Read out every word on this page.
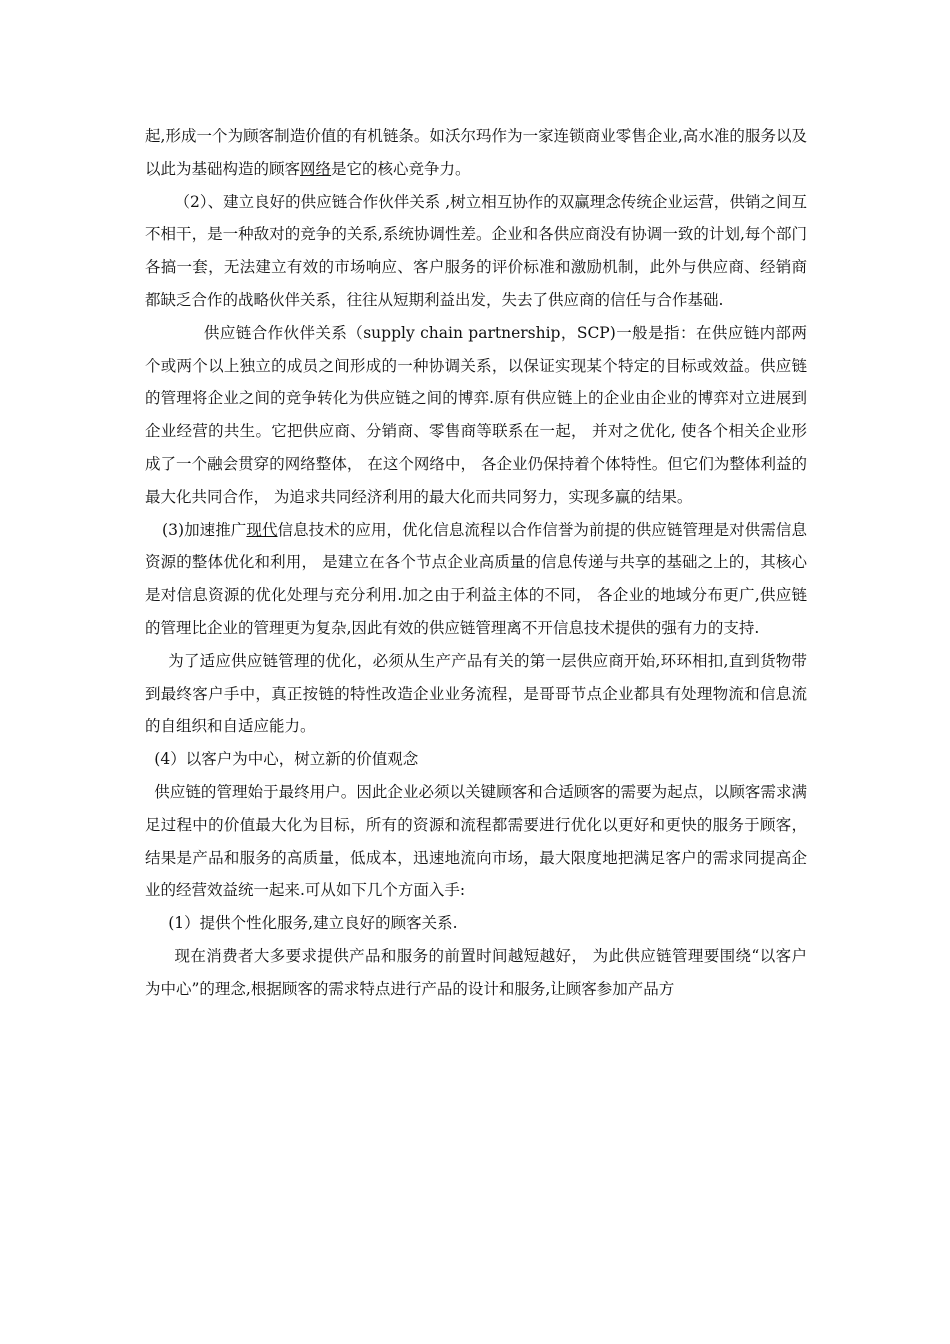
起,形成一个为顾客制造价值的有机链条。如沃尔玛作为一家连锁商业零售企业,高水准的服务以及以此为基础构造的顾客网络是它的核心竞争力。

（2）、建立良好的供应链合作伙伴关系 ,树立相互协作的双赢理念传统企业运营，供销之间互不相干，是一种敌对的竞争的关系,系统协调性差。企业和各供应商没有协调一致的计划,每个部门各搞一套，无法建立有效的市场响应、客户服务的评价标准和激励机制，此外与供应商、经销商都缺乏合作的战略伙伴关系，往往从短期利益出发，失去了供应商的信任与合作基础.

供应链合作伙伴关系（supply chain partnership，SCP)一般是指：在供应链内部两个或两个以上独立的成员之间形成的一种协调关系，以保证实现某个特定的目标或效益。供应链的管理将企业之间的竞争转化为供应链之间的博弈.原有供应链上的企业由企业的博弈对立进展到企业经营的共生。它把供应商、分销商、零售商等联系在一起， 并对之优化, 使各个相关企业形成了一个融会贯穿的网络整体， 在这个网络中， 各企业仍保持着个体特性。但它们为整体利益的最大化共同合作， 为追求共同经济利用的最大化而共同努力，实现多赢的结果。

(3)加速推广现代信息技术的应用，优化信息流程以合作信誉为前提的供应链管理是对供需信息资源的整体优化和利用， 是建立在各个节点企业高质量的信息传递与共享的基础之上的，其核心是对信息资源的优化处理与充分利用.加之由于利益主体的不同， 各企业的地域分布更广,供应链的管理比企业的管理更为复杂,因此有效的供应链管理离不开信息技术提供的强有力的支持.

为了适应供应链管理的优化，必须从生产产品有关的第一层供应商开始,环环相扣,直到货物带到最终客户手中，真正按链的特性改造企业业务流程，是哥哥节点企业都具有处理物流和信息流的自组织和自适应能力。

(4）以客户为中心，树立新的价值观念

供应链的管理始于最终用户。因此企业必须以关键顾客和合适顾客的需要为起点，以顾客需求满足过程中的价值最大化为目标，所有的资源和流程都需要进行优化以更好和更快的服务于顾客，结果是产品和服务的高质量，低成本，迅速地流向市场，最大限度地把满足客户的需求同提高企业的经营效益统一起来.可从如下几个方面入手:

(1）提供个性化服务,建立良好的顾客关系.

现在消费者大多要求提供产品和服务的前置时间越短越好， 为此供应链管理要围绕“以客户为中心”的理念,根据顾客的需求特点进行产品的设计和服务,让顾客参加产品方
